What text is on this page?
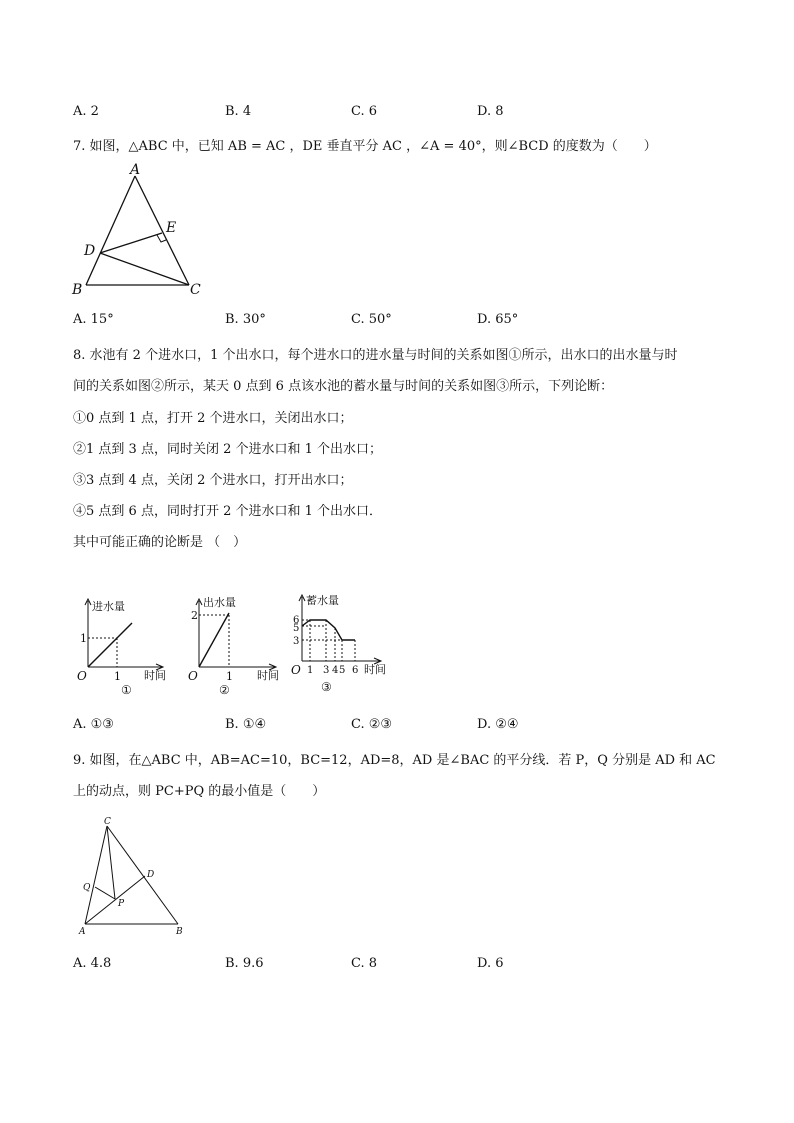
A. 2	B. 4	C. 6	D. 8
7. 如图，△ABC 中，已知 AB = AC ，DE 垂直平分 AC ，∠A = 40°，则∠BCD 的度数为（　　）
A
B	C
D
E
A. 15°	B. 30°	C. 50°	D. 65°
8. 水池有 2 个进水口，1 个出水口，每个进水口的进水量与时间的关系如图①所示，出水口的出水量与时
间的关系如图②所示，某天 0 点到 6 点该水池的蓄水量与时间的关系如图③所示，下列论断：
①0 点到 1 点，打开 2 个进水口，关闭出水口；
②1 点到 3 点，同时关闭 2 个进水口和 1 个出水口；
③3 点到 4 点，关闭 2 个进水口，打开出水口；
④5 点到 6 点，同时打开 2 个进水口和 1 个出水口．
其中可能正确的论断是 （　）
进水量
时间
O
1
1
①
出水量
时间
O
2
1
②
蓄水量
时间
O
6
5
3
1 3 4 5 6
③
A. ①③	B. ①④	C. ②③	D. ②④
9. 如图，在△ABC 中，AB=AC=10，BC=12，AD=8，AD 是∠BAC 的平分线．若 P，Q 分别是 AD 和 AC
上的动点，则 PC+PQ 的最小值是（　　）
C
A	B
D
P
Q
A. 4.8	B. 9.6	C. 8	D. 6
